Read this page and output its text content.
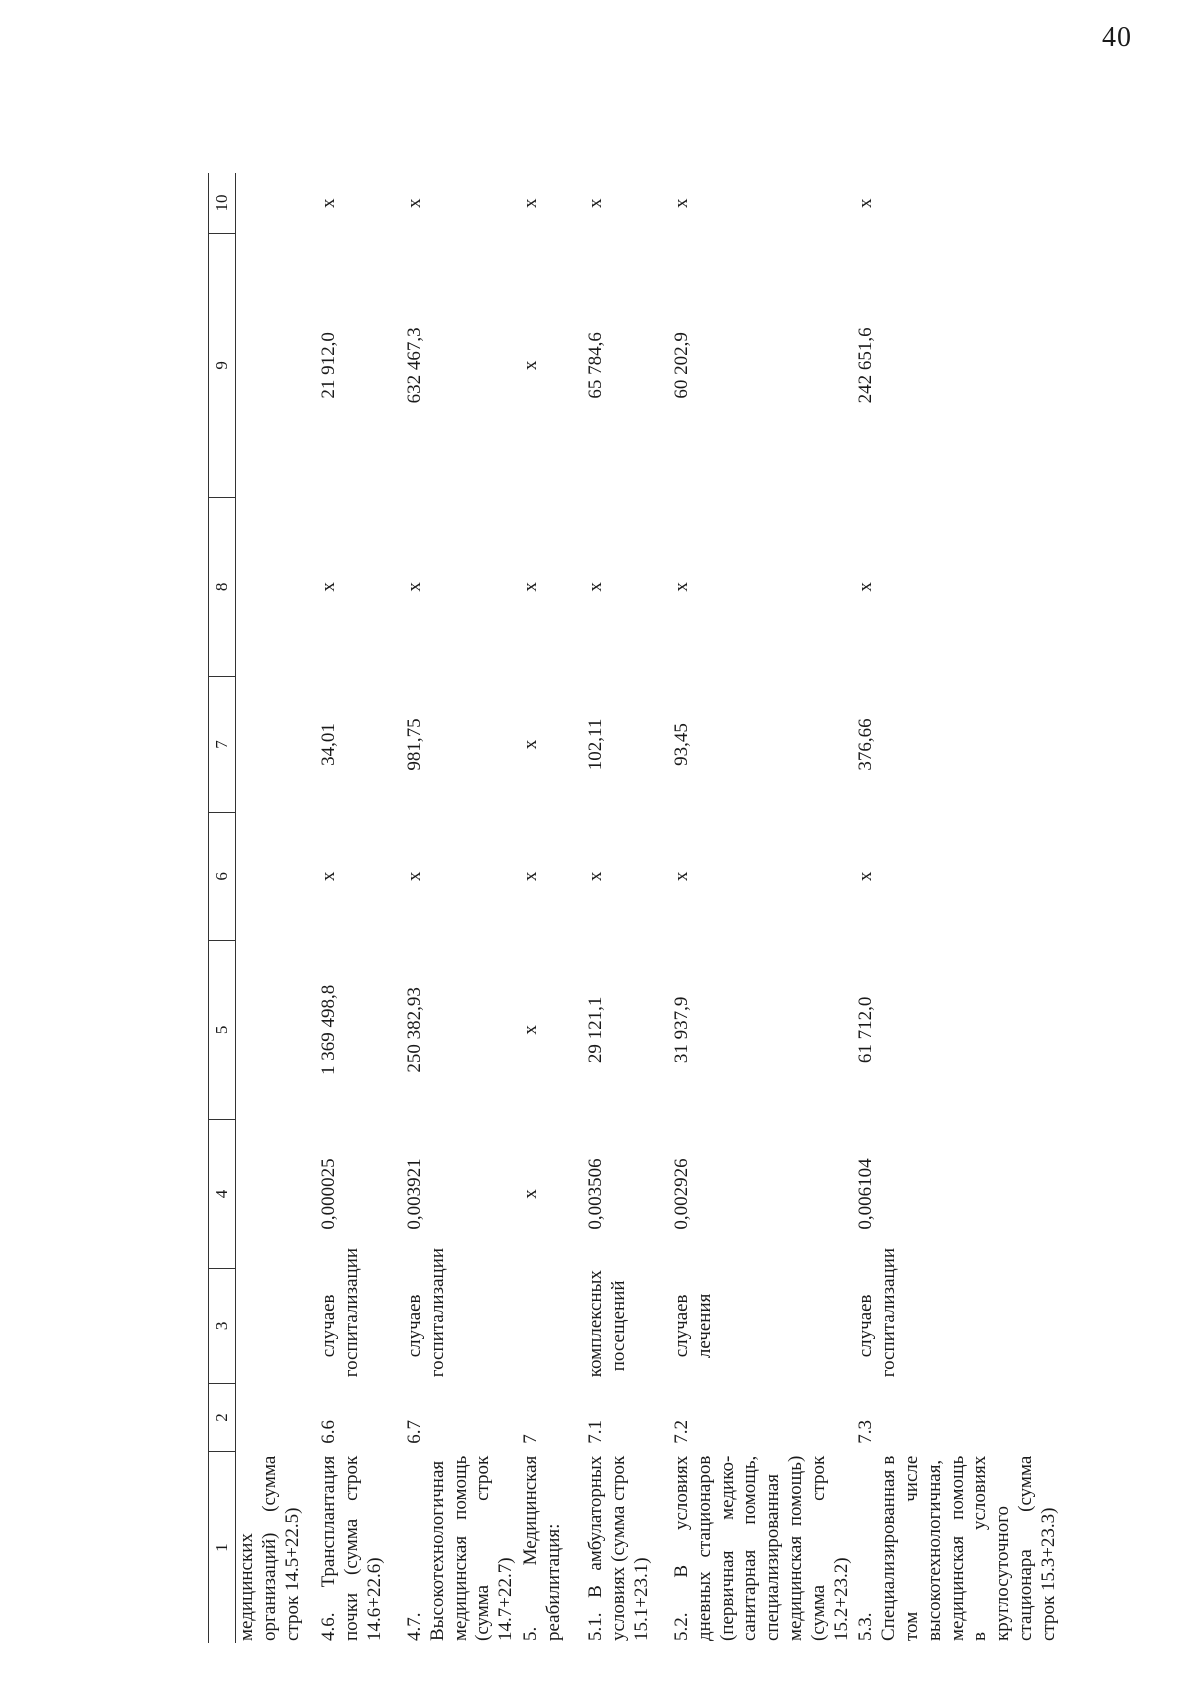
40
1	2	3	4	5	6	7	8	9	10
медицинских организаций) (сумма строк 14.5+22.5)									
4.6. Трансплантация почки (сумма строк 14.6+22.6)	6.6	случаев госпитализации	0,000025	1 369 498,8	х	34,01	х	21 912,0	х
4.7. Высокотехнологичная медицинская помощь (сумма строк 14.7+22.7)	6.7	случаев госпитализации	0,003921	250 382,93	х	981,75	х	632 467,3	х
5. Медицинская реабилитация:	7		х	х	х	х	х	х	х
5.1. В амбулаторных условиях (сумма строк 15.1+23.1)	7.1	комплексных посещений	0,003506	29 121,1	х	102,11	х	65 784,6	х
5.2. В условиях дневных стационаров (первичная медико-санитарная помощь, специализированная медицинская помощь) (сумма строк 15.2+23.2)	7.2	случаев лечения	0,002926	31 937,9	х	93,45	х	60 202,9	х
5.3. Специализированная в том числе высокотехнологичная, медицинская помощь в условиях круглосуточного стационара (сумма строк 15.3+23.3)	7.3	случаев госпитализации	0,006104	61 712,0	х	376,66	х	242 651,6	х
